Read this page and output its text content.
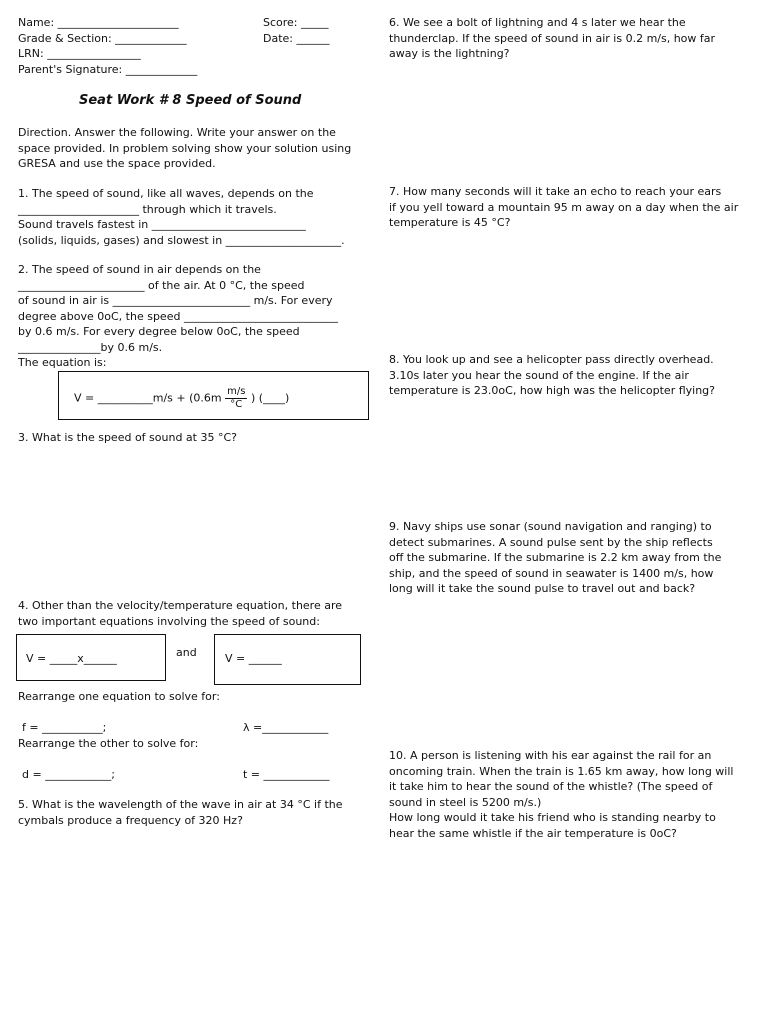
Name: ______________________

Grade & Section: _____________

LRN: _________________

Parent's Signature: _____________

Score: _____

Date: ______

Seat Work # 8 Speed of Sound

Direction. Answer the following. Write your answer on the

space provided. In problem solving show your solution using

GRESA and use the space provided.

1. The speed of sound, like all waves, depends on the

______________________ through which it travels.

Sound travels fastest in ____________________________

(solids, liquids, gases) and slowest in _____________________.

2. The speed of sound in air depends on the

_______________________ of the air. At 0 °C, the speed

of sound in air is _________________________ m/s. For every

degree above 0oC, the speed ____________________________

by 0.6 m/s. For every degree below 0oC, the speed

_______________by 0.6 m/s.

The equation is:

V = __________m/s + ($0.6m \frac{m/s}{^\circ C}$ ) (____)
3. What is the speed of sound at 35 °C?

4. Other than the velocity/temperature equation, there are

two important equations involving the speed of sound:

V = _____x______	and	V = ______
Rearrange one equation to solve for:
f = ___________;	λ =____________
Rearrange the other to solve for:
d = ____________;	t = ____________

5. What is the wavelength of the wave in air at 34 °C if the

cymbals produce a frequency of 320 Hz?

6. We see a bolt of lightning and 4 s later we hear the

thunderclap. If the speed of sound in air is 0.2 m/s, how far

away is the lightning?

7. How many seconds will it take an echo to reach your ears

if you yell toward a mountain 95 m away on a day when the air

temperature is 45 °C?

8. You look up and see a helicopter pass directly overhead.

3.10s later you hear the sound of the engine. If the air

temperature is 23.0oC, how high was the helicopter flying?

9. Navy ships use sonar (sound navigation and ranging) to

detect submarines. A sound pulse sent by the ship reflects

off the submarine. If the submarine is 2.2 km away from the

ship, and the speed of sound in seawater is 1400 m/s, how

long will it take the sound pulse to travel out and back?

10. A person is listening with his ear against the rail for an

oncoming train. When the train is 1.65 km away, how long will

it take him to hear the sound of the whistle? (The speed of

sound in steel is 5200 m/s.)

How long would it take his friend who is standing nearby to

hear the same whistle if the air temperature is 0oC?
